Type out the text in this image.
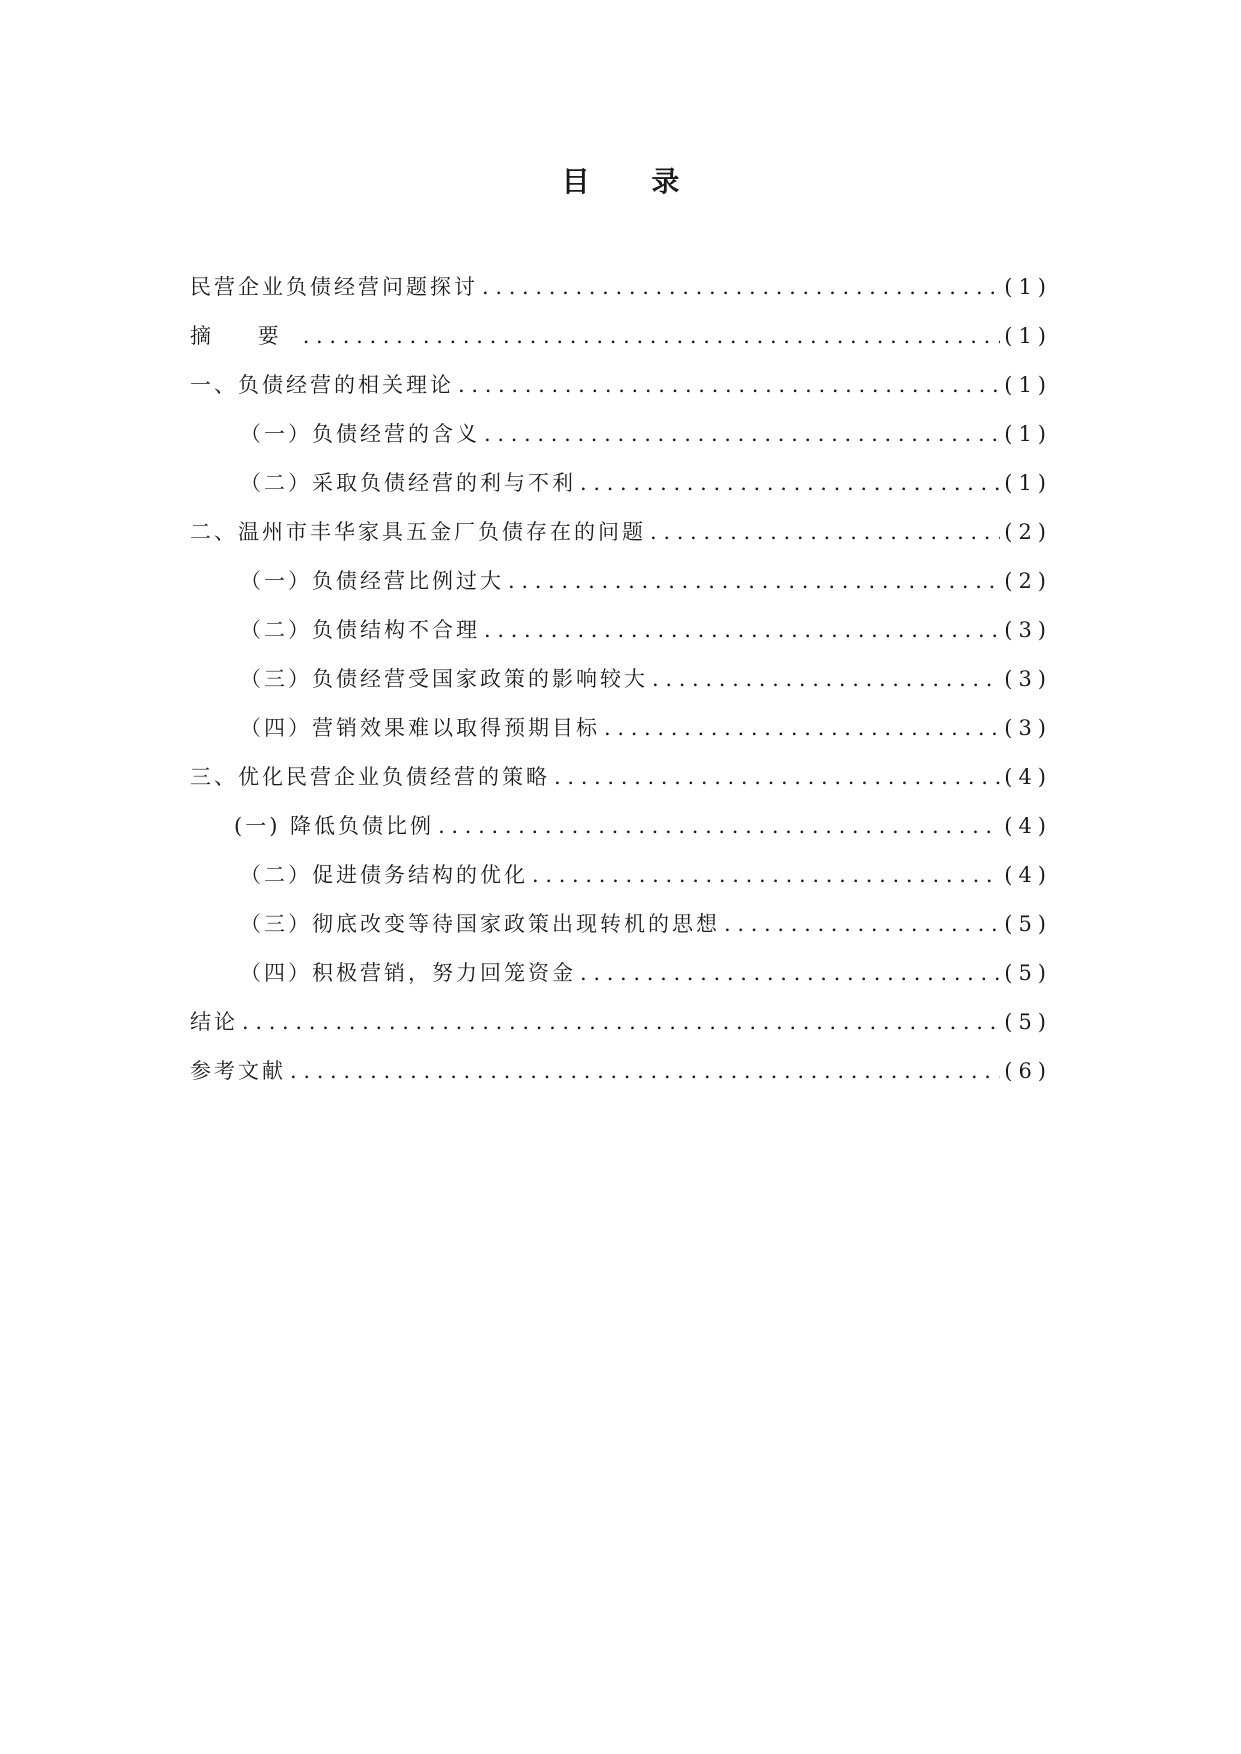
目 录
民营企业负债经营问题探讨 . . .	(1)
摘 要 . . .	(1)
一、负债经营的相关理论 . . .	(1)
（一）负债经营的含义 . . .	(1)
（二）采取负债经营的利与不利 . . .	(1)
二、温州市丰华家具五金厂负债存在的问题 . . .	(2)
（一）负债经营比例过大 . . .	(2)
（二）负债结构不合理 . . .	(3)
（三）负债经营受国家政策的影响较大 . . .	(3)
（四）营销效果难以取得预期目标 . . .	(3)
三、优化民营企业负债经营的策略 . . .	(4)
(一) 降低负债比例 . . .	(4)
（二）促进债务结构的优化 . . .	(4)
（三）彻底改变等待国家政策出现转机的思想 . . .	(5)
（四）积极营销，努力回笼资金 . . .	(5)
结论 . . .	(5)
参考文献 . . .	(6)
